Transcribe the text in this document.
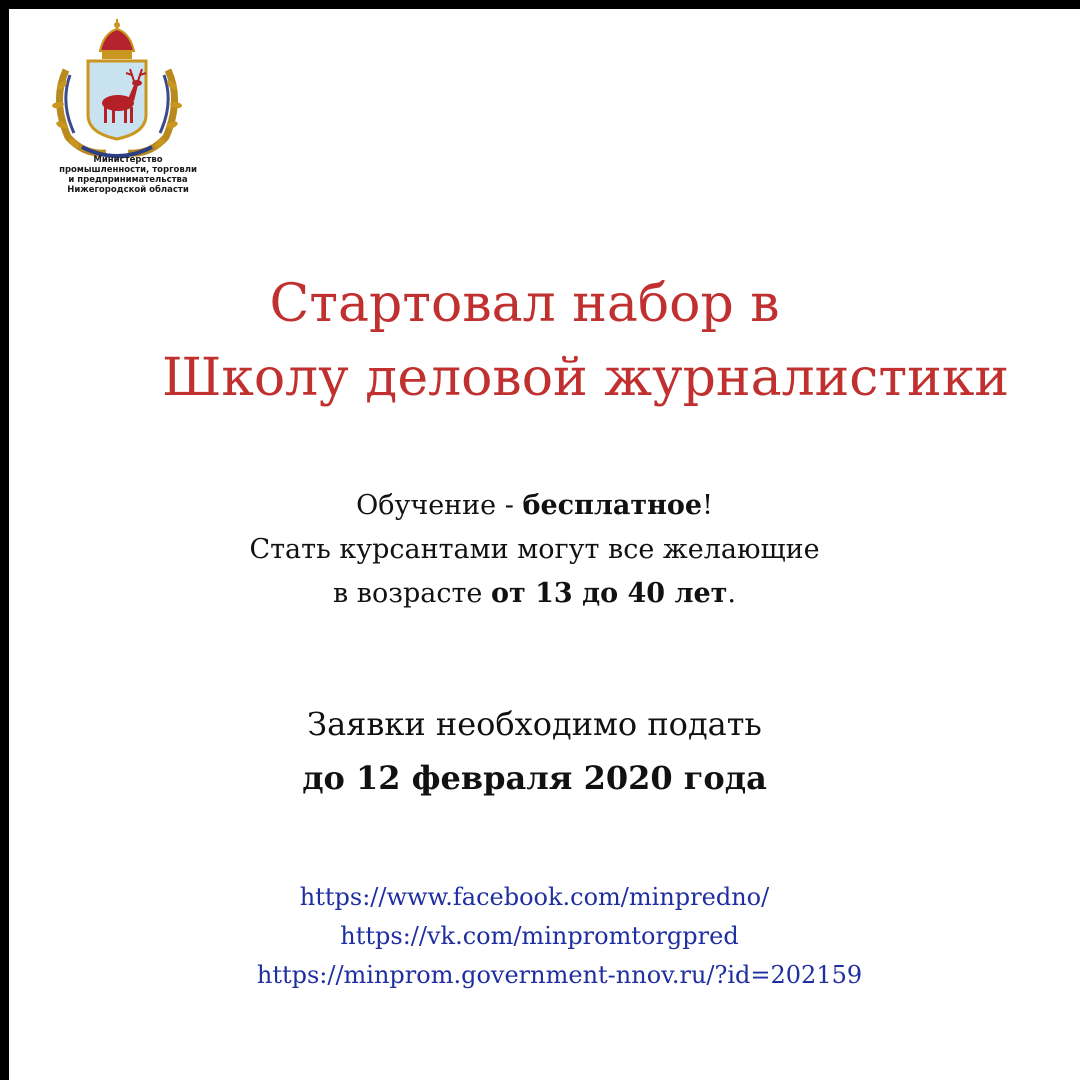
Министерство
промышленности, торговли
и предпринимательства
Нижегородской области
Стартовал набор в
Школу деловой журналистики
Обучение - бесплатное!
Стать курсантами могут все желающие
в возрасте от 13 до 40 лет.
Заявки необходимо подать
до 12 февраля 2020 года
https://www.facebook.com/minpredno/
https://vk.com/minpromtorgpred
https://minprom.government-nnov.ru/?id=202159
